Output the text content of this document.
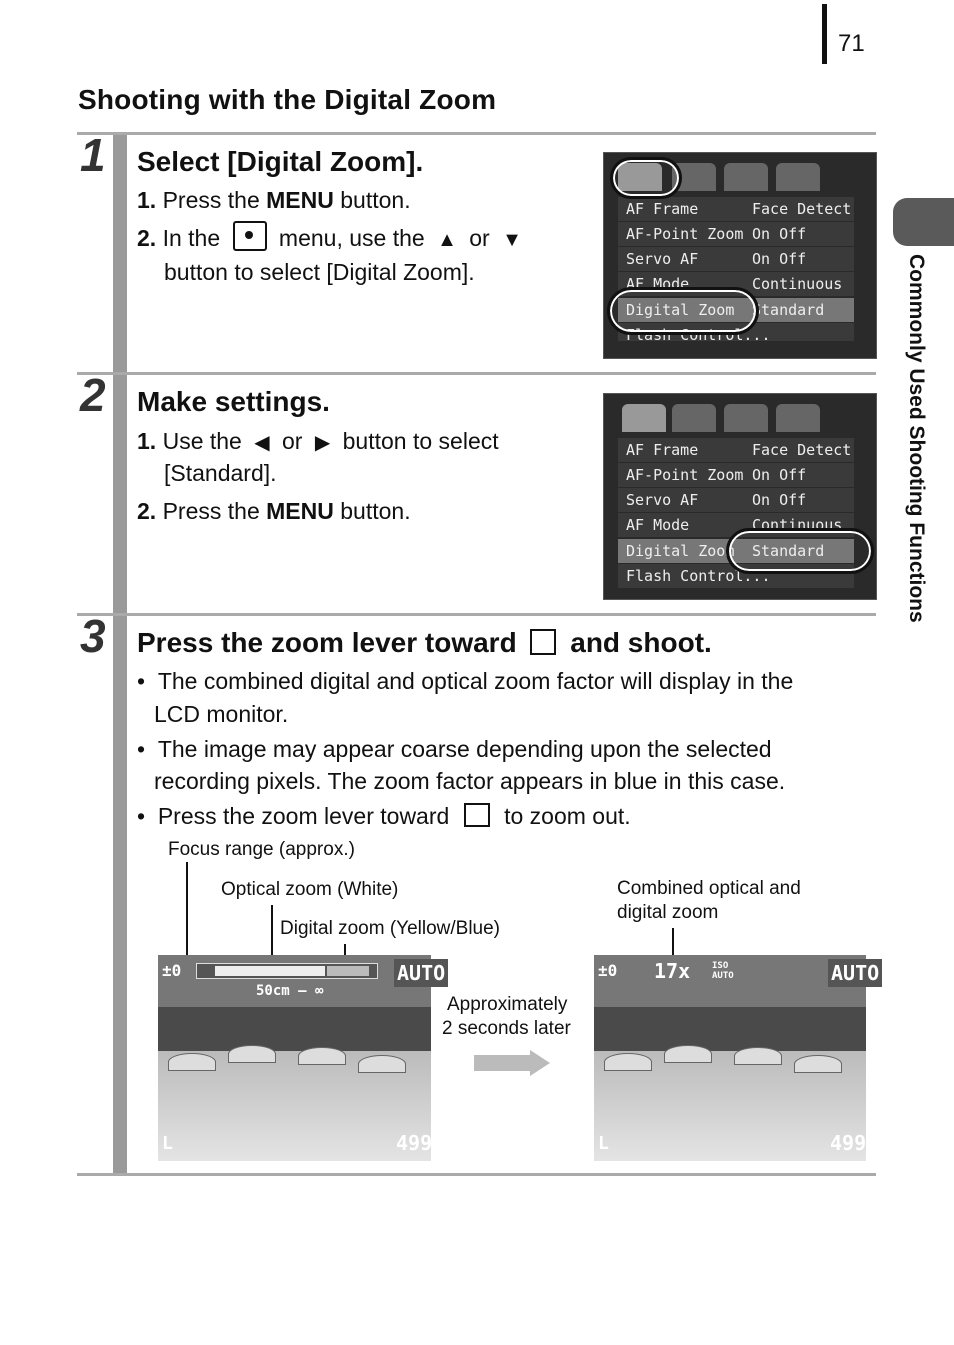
71
Shooting with the Digital Zoom
Commonly Used Shooting Functions
1 Select [Digital Zoom].
1. Press the MENU button.
2. In the	menu, use the ▲ or ▼
button to select [Digital Zoom].
AF Frame	Face Detect
AF-Point Zoom On Off
Servo AF	On Off
AF Mode	Continuous
Digital Zoom Standard
Flash Control...
2 Make settings.
1. Use the ◀ or ▶ button to select
[Standard].
2. Press the MENU button.
AF Frame	Face Detect
AF-Point Zoom On Off
Servo AF	On Off
AF Mode	Continuous
Digital Zoom Standard
Flash Control...
3 Press the zoom lever toward and shoot.
• The combined digital and optical zoom factor will display in the
LCD monitor.
• The image may appear coarse depending upon the selected
recording pixels. The zoom factor appears in blue in this case.
• Press the zoom lever toward to zoom out.
Focus range (approx.)
Optical zoom (White)
Digital zoom (Yellow/Blue)
Combined optical and
digital zoom
±0	AUTO
50cm – ∞
L	499
Approximately
2 seconds later
±0 17x ISO AUTO	AUTO
L	499
